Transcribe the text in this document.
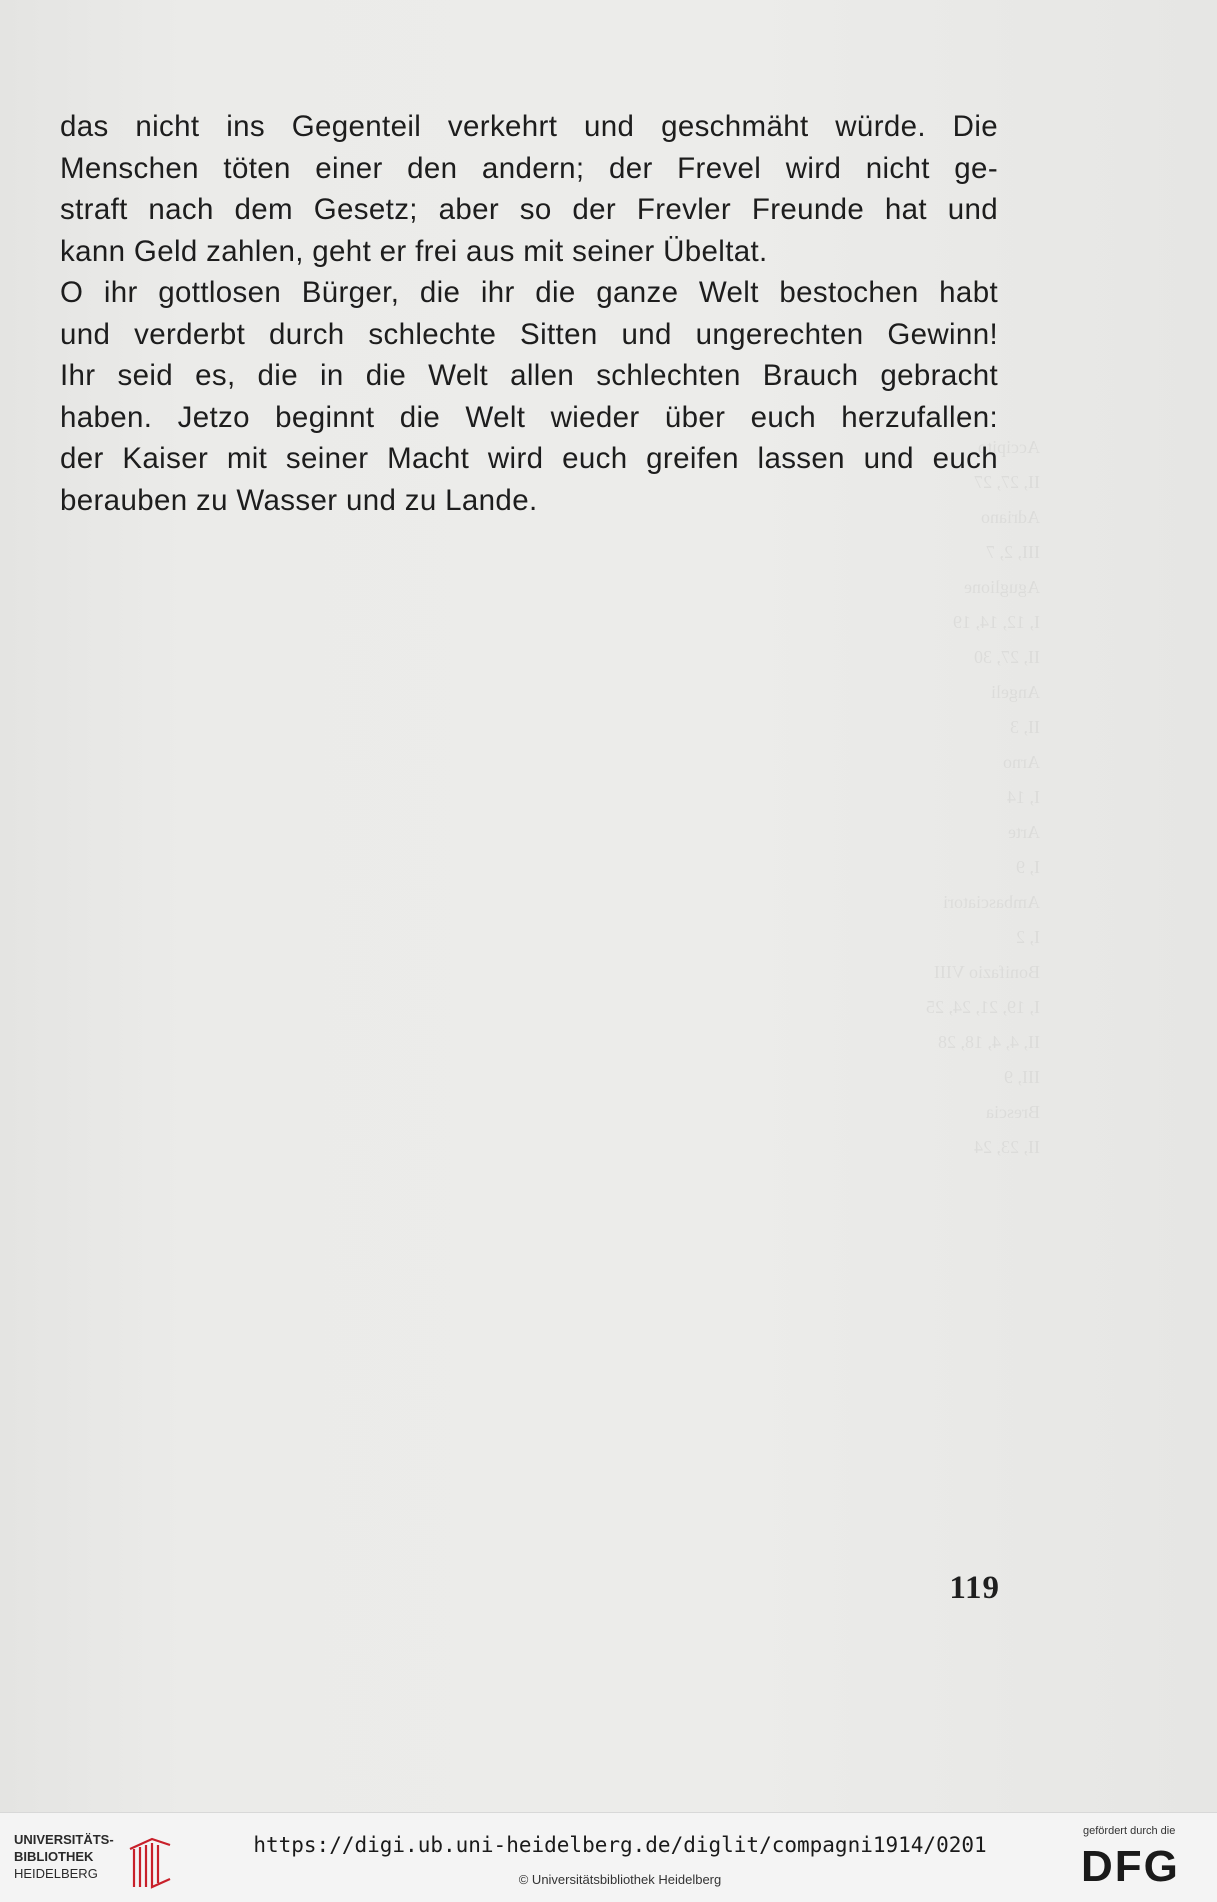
Accipito
II, 27, 27
Adriano
III, 2, 7
Aguglione
I, 12, 14, 19
II, 27, 30
Angeli
II, 3
Arno
I, 14
Arte
I, 9
Ambasciatori
I, 2
Bonifazio VIII
I, 19, 21, 24, 25
II, 4, 4, 18, 28
III, 9
Brescia
II, 23, 24
das nicht ins Gegenteil verkehrt und geschmäht würde. Die
Menschen töten einer den andern; der Frevel wird nicht ge-
straft nach dem Gesetz; aber so der Frevler Freunde hat und
kann Geld zahlen, geht er frei aus mit seiner Übeltat.
O ihr gottlosen Bürger, die ihr die ganze Welt bestochen habt
und verderbt durch schlechte Sitten und ungerechten Gewinn!
Ihr seid es, die in die Welt allen schlechten Brauch gebracht
haben. Jetzo beginnt die Welt wieder über euch herzufallen:
der Kaiser mit seiner Macht wird euch greifen lassen und euch
berauben zu Wasser und zu Lande.
119
UNIVERSITÄTS-
BIBLIOTHEK
HEIDELBERG
https://digi.ub.uni-heidelberg.de/diglit/compagni1914/0201
© Universitätsbibliothek Heidelberg
gefördert durch die
DFG
